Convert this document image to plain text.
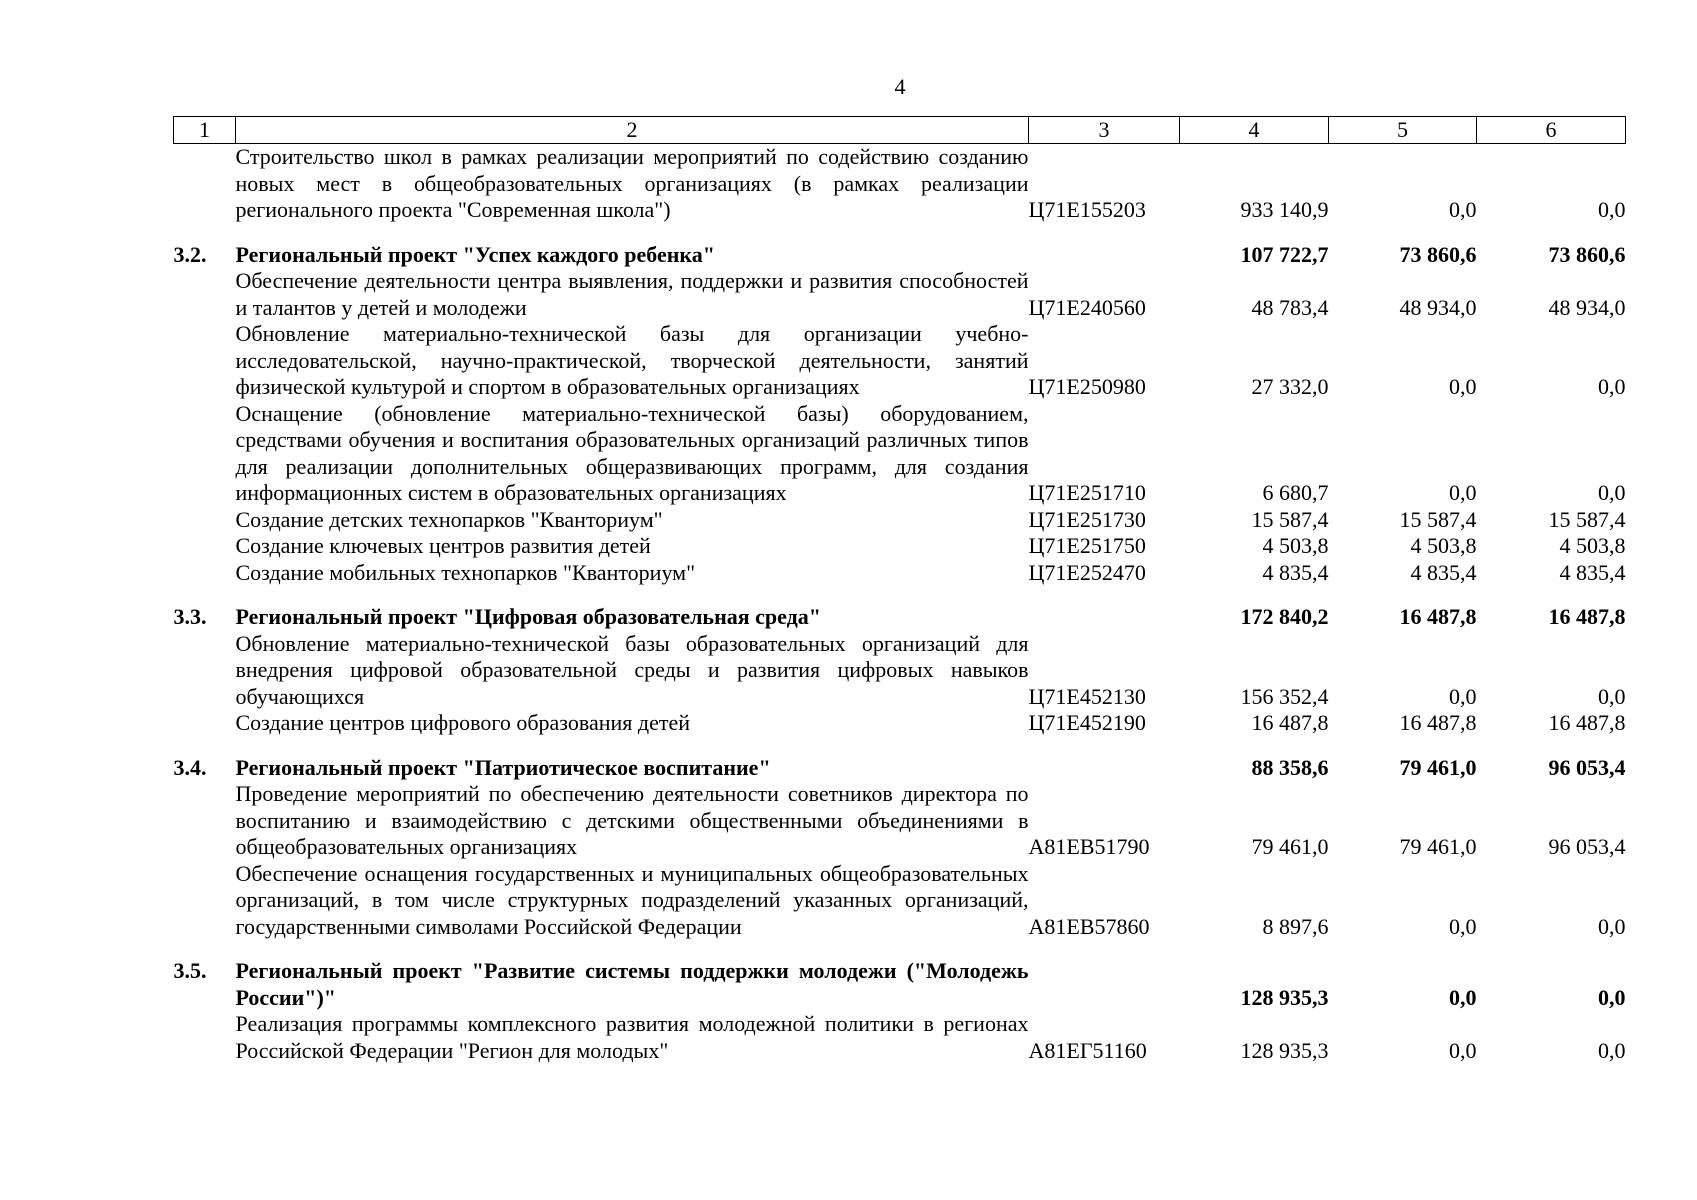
4
1	2	3	4	5	6
	Строительство школ в рамках реализации мероприятий по содействию созданию новых мест в общеобразовательных организациях (в рамках реализации регионального проекта "Современная школа")	Ц71Е155203	933 140,9	0,0	0,0
3.2.	Региональный проект "Успех каждого ребенка"		107 722,7	73 860,6	73 860,6
	Обеспечение деятельности центра выявления, поддержки и развития способностей и талантов у детей и молодежи	Ц71Е240560	48 783,4	48 934,0	48 934,0
	Обновление материально-технической базы для организации учебно-исследовательской, научно-практической, творческой деятельности, занятий физической культурой и спортом в образовательных организациях	Ц71Е250980	27 332,0	0,0	0,0
	Оснащение (обновление материально-технической базы) оборудованием, средствами обучения и воспитания образовательных организаций различных типов для реализации дополнительных общеразвивающих программ, для создания информационных систем в образовательных организациях	Ц71Е251710	6 680,7	0,0	0,0
	Создание детских технопарков "Кванториум"	Ц71Е251730	15 587,4	15 587,4	15 587,4
	Создание ключевых центров развития детей	Ц71Е251750	4 503,8	4 503,8	4 503,8
	Создание мобильных технопарков "Кванториум"	Ц71Е252470	4 835,4	4 835,4	4 835,4
3.3.	Региональный проект "Цифровая образовательная среда"		172 840,2	16 487,8	16 487,8
	Обновление материально-технической базы образовательных организаций для внедрения цифровой образовательной среды и развития цифровых навыков обучающихся	Ц71Е452130	156 352,4	0,0	0,0
	Создание центров цифрового образования детей	Ц71Е452190	16 487,8	16 487,8	16 487,8
3.4.	Региональный проект "Патриотическое воспитание"		88 358,6	79 461,0	96 053,4
	Проведение мероприятий по обеспечению деятельности советников директора по воспитанию и взаимодействию с детскими общественными объединениями в общеобразовательных организациях	А81ЕВ51790	79 461,0	79 461,0	96 053,4
	Обеспечение оснащения государственных и муниципальных общеобразовательных организаций, в том числе структурных подразделений указанных организаций, государственными символами Российской Федерации	А81ЕВ57860	8 897,6	0,0	0,0
3.5.	Региональный проект "Развитие системы поддержки молодежи ("Молодежь России")"		128 935,3	0,0	0,0
	Реализация программы комплексного развития молодежной политики в регионах Российской Федерации "Регион для молодых"	А81ЕГ51160	128 935,3	0,0	0,0
